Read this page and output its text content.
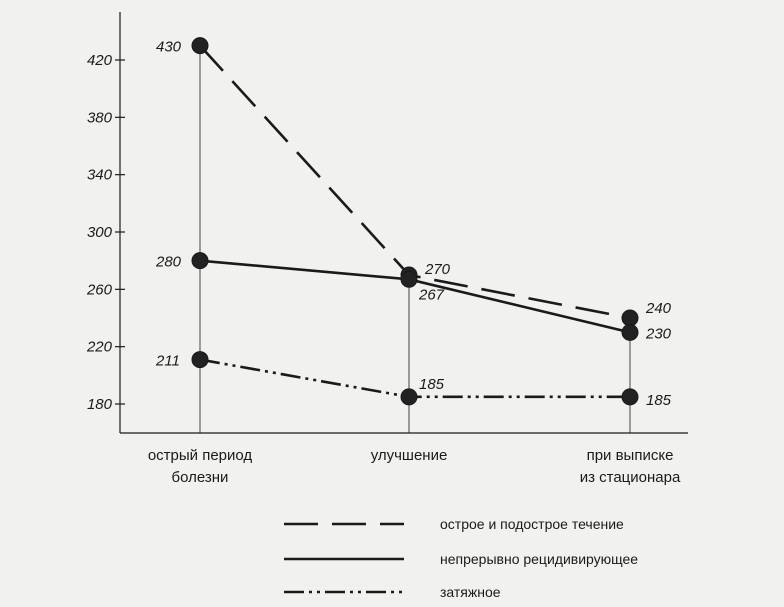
180
220
260
300
340
380
420
острый период болезни
улучшение	при выписке из стационара
430
270
240
280
267
230
211
185
185
острое и подострое течение
непрерывно рецидивирующее
затяжное
